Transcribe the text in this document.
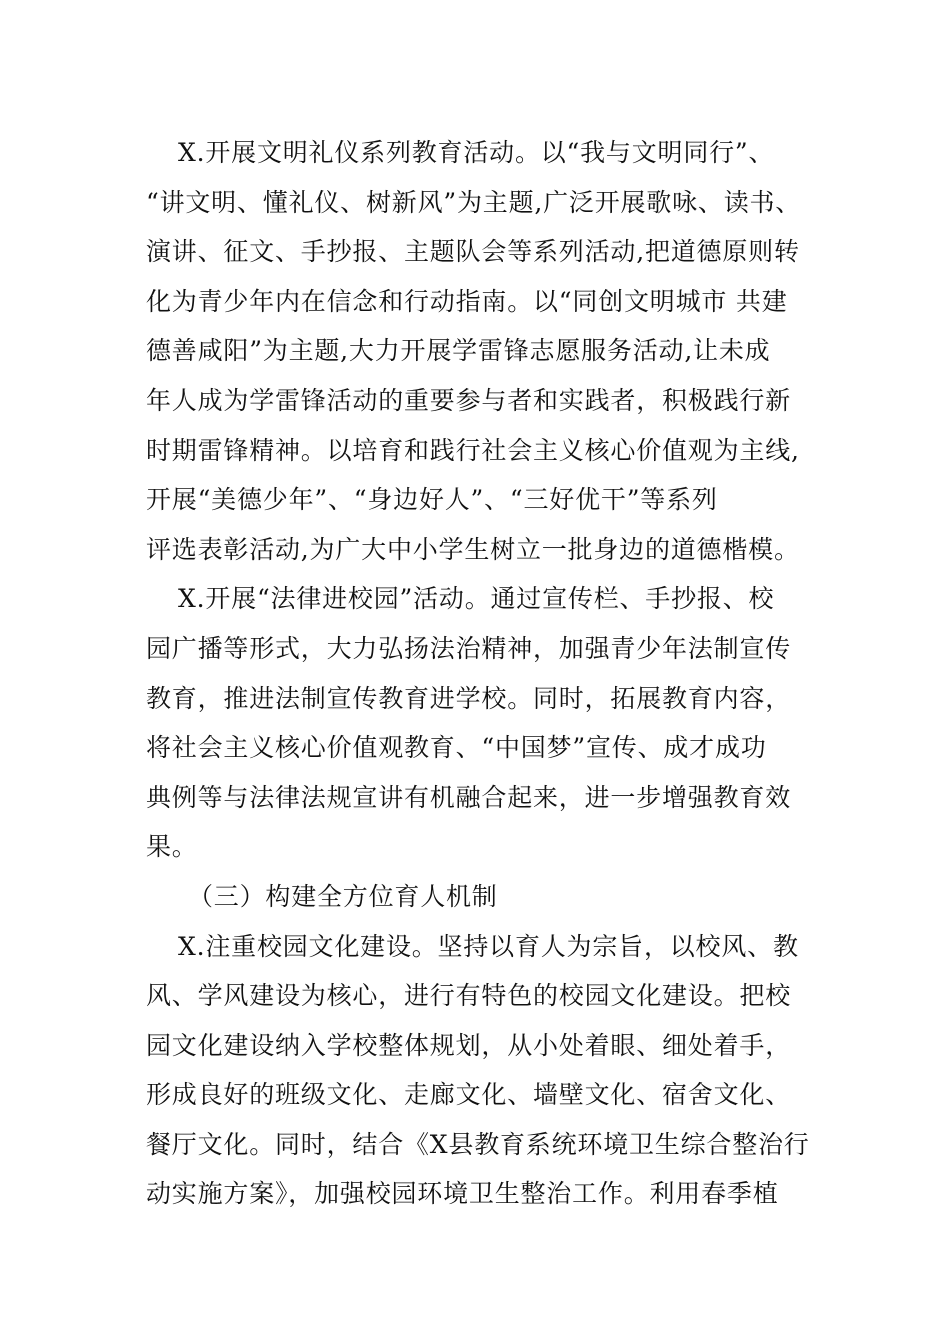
X.开展文明礼仪系列教育活动。以“我与文明同行”、
“讲文明、懂礼仪、树新风”为主题,广泛开展歌咏、读书、
演讲、征文、手抄报、主题队会等系列活动,把道德原则转
化为青少年内在信念和行动指南。以“同创文明城市 共建
德善咸阳”为主题,大力开展学雷锋志愿服务活动,让未成
年人成为学雷锋活动的重要参与者和实践者，积极践行新
时期雷锋精神。以培育和践行社会主义核心价值观为主线,
开展“美德少年”、“身边好人”、“三好优干”等系列
评选表彰活动,为广大中小学生树立一批身边的道德楷模。
X.开展“法律进校园”活动。通过宣传栏、手抄报、校
园广播等形式，大力弘扬法治精神，加强青少年法制宣传
教育，推进法制宣传教育进学校。同时，拓展教育内容，
将社会主义核心价值观教育、“中国梦”宣传、成才成功
典例等与法律法规宣讲有机融合起来，进一步增强教育效
果。
（三）构建全方位育人机制
X.注重校园文化建设。坚持以育人为宗旨，以校风、教
风、学风建设为核心，进行有特色的校园文化建设。把校
园文化建设纳入学校整体规划，从小处着眼、细处着手，
形成良好的班级文化、走廊文化、墙壁文化、宿舍文化、
餐厅文化。同时，结合《X县教育系统环境卫生综合整治行
动实施方案》，加强校园环境卫生整治工作。利用春季植
